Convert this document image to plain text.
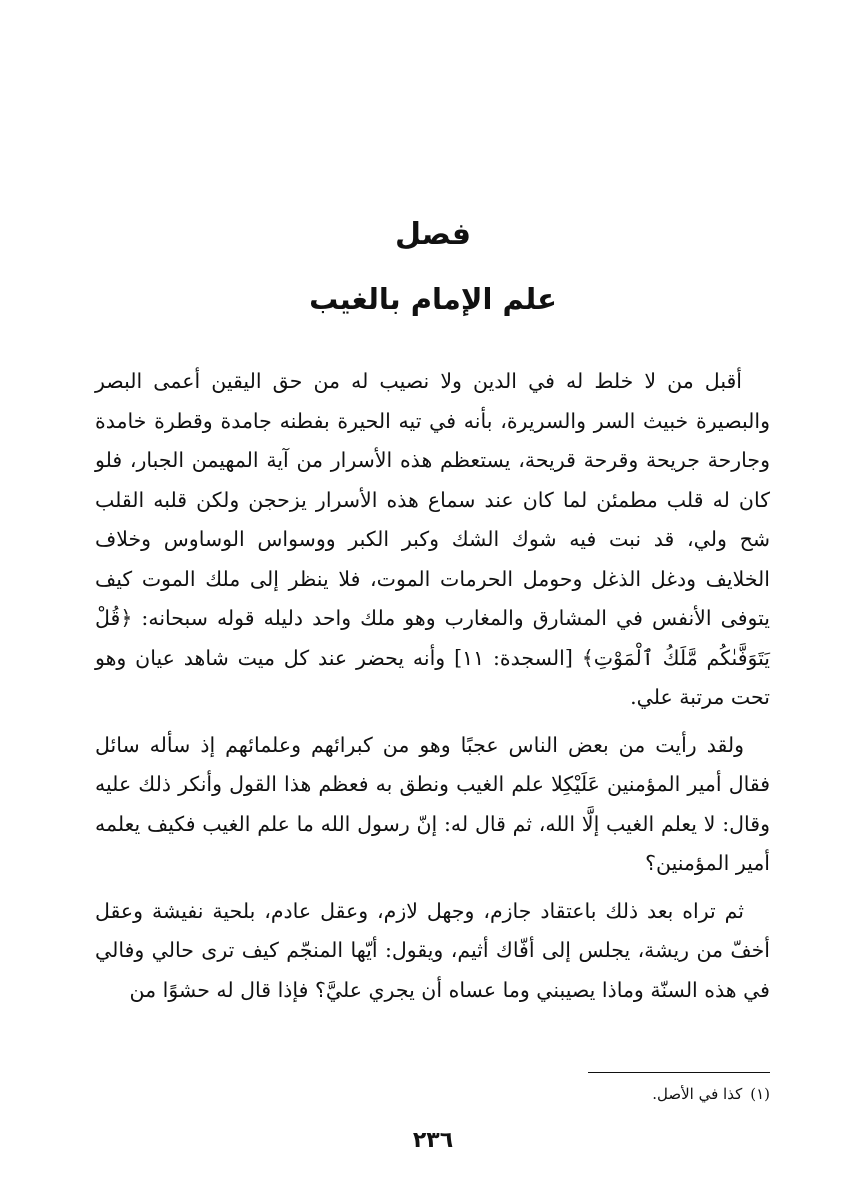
فصل
علم الإمام بالغيب

أقبل من لا خلط له في الدين ولا نصيب له من حق اليقين أعمى البصر والبصيرة خبيث السر والسريرة، بأنه في تيه الحيرة بفطنه جامدة وقطرة خامدة وجارحة جريحة وقرحة قريحة، يستعظم هذه الأسرار من آية المهيمن الجبار، فلو كان له قلب مطمئن لما كان عند سماع هذه الأسرار يزحجن ولكن قلبه القلب شح ولي، قد نبت فيه شوك الشك وكبر الكبر ووسواس الوساوس وخلاف الخلايف ودغل الذغل وحومل الحرمات الموت، فلا ينظر إلى ملك الموت كيف يتوفى الأنفس في المشارق والمغارب وهو ملك واحد دليله قوله سبحانه: ﴿قُلْ يَتَوَفَّىٰكُم مَّلَكُ ٱلْمَوْتِ﴾ [السجدة: ١١] وأنه يحضر عند كل ميت شاهد عيان وهو تحت مرتبة علي.

ولقد رأيت من بعض الناس عجبًا وهو من كبرائهم وعلمائهم إذ سأله سائل فقال أمير المؤمنين عَلَيْكِلا علم الغيب ونطق به فعظم هذا القول وأنكر ذلك عليه وقال: لا يعلم الغيب إلَّا الله، ثم قال له: إنّ رسول الله ما علم الغيب فكيف يعلمه أمير المؤمنين؟

ثم تراه بعد ذلك باعتقاد جازم، وجهل لازم، وعقل عادم، بلحية نفيشة وعقل أخفّ من ريشة، يجلس إلى أفّاك أثيم، ويقول: أيّها المنجّم كيف ترى حالي وفالي في هذه السنّة وماذا يصيبني وما عساه أن يجري عليَّ؟ فإذا قال له حشوًا من

(١)كذا في الأصل.
٢٣٦
